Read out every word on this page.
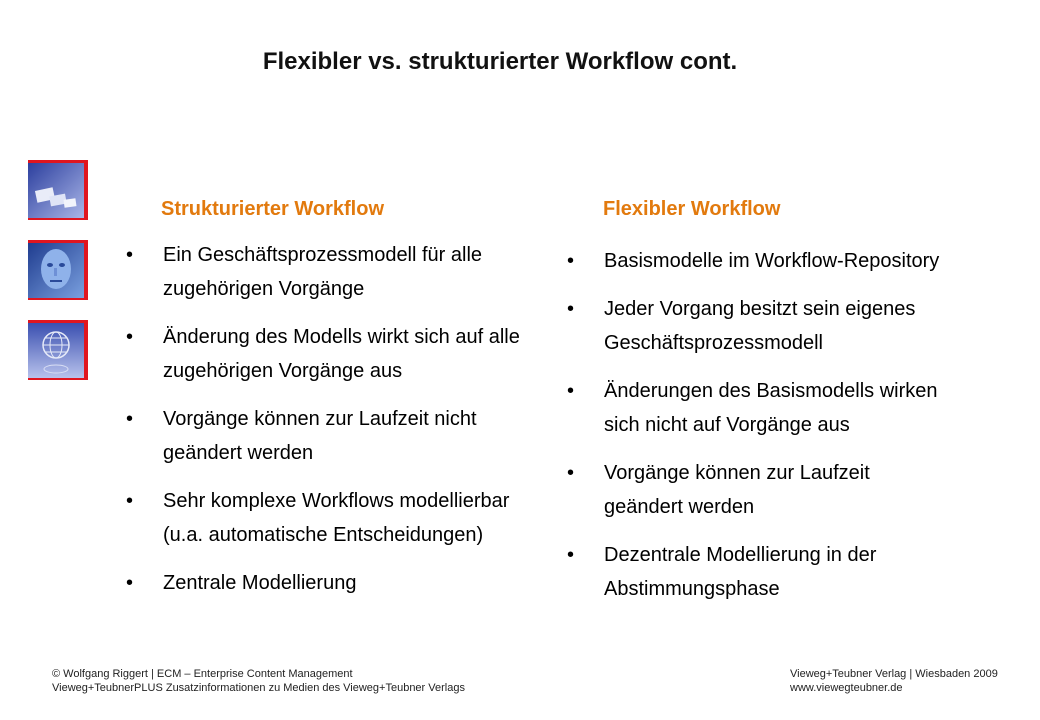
Flexibler vs. strukturierter Workflow cont.
Strukturierter Workflow	Flexibler Workflow
• Ein Geschäftsprozessmodell für alle zugehörigen Vorgänge
• Änderung des Modells wirkt sich auf alle zugehörigen Vorgänge aus
• Vorgänge können zur Laufzeit nicht geändert werden
• Sehr komplexe Workflows modellierbar (u.a. automatische Entscheidungen)
• Zentrale Modellierung
• Basismodelle im Workflow-Repository
• Jeder Vorgang besitzt sein eigenes Geschäftsprozessmodell
• Änderungen des Basismodells wirken sich nicht auf Vorgänge aus
• Vorgänge können zur Laufzeit geändert werden
• Dezentrale Modellierung in der Abstimmungsphase
© Wolfgang Riggert | ECM – Enterprise Content Management
Vieweg+TeubnerPLUS Zusatzinformationen zu Medien des Vieweg+Teubner Verlags
Vieweg+Teubner Verlag | Wiesbaden 2009
www.viewegteubner.de
